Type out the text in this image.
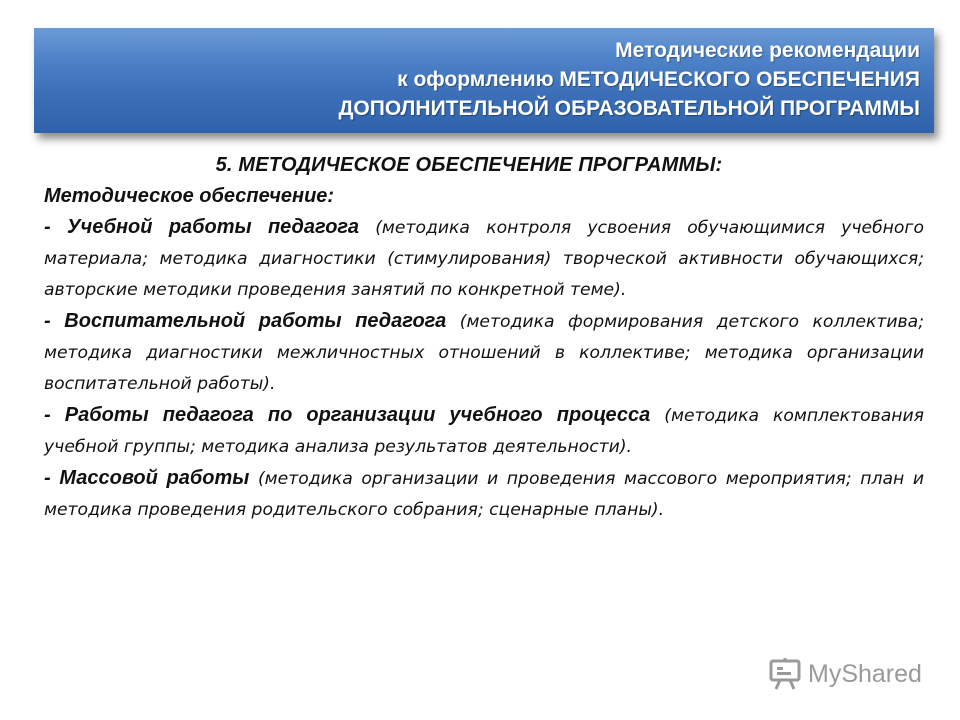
Методические рекомендации
к оформлению МЕТОДИЧЕСКОГО ОБЕСПЕЧЕНИЯ
ДОПОЛНИТЕЛЬНОЙ ОБРАЗОВАТЕЛЬНОЙ ПРОГРАММЫ
5. МЕТОДИЧЕСКОЕ ОБЕСПЕЧЕНИЕ ПРОГРАММЫ:
Методическое обеспечение:
- Учебной работы педагога (методика контроля усвоения обучающимися учебного материала; методика диагностики (стимулирования) творческой активности обучающихся; авторские методики проведения занятий по конкретной теме).
- Воспитательной работы педагога (методика формирования детского коллектива; методика диагностики межличностных отношений в коллективе; методика организации воспитательной работы).
- Работы педагога по организации учебного процесса (методика комплектования учебной группы; методика анализа результатов деятельности).
- Массовой работы (методика организации и проведения массового мероприятия; план и методика проведения родительского собрания; сценарные планы).
MyShared
